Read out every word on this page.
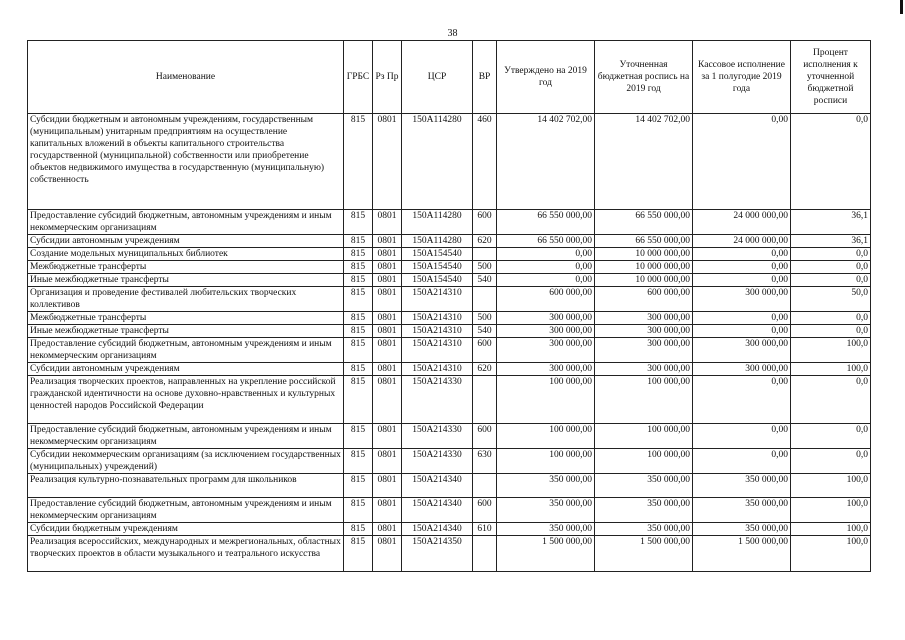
38
Наименование	ГРБС	Рз Пр	ЦСР	ВР	Утверждено на 2019 год	Уточненная бюджетная роспись на 2019 год	Кассовое исполнение за 1 полугодие 2019 года	Процент исполнения к уточненной бюджетной росписи
Субсидии бюджетным и автономным учреждениям, государственным (муниципальным) унитарным предприятиям на осуществление капитальных вложений в объекты капитального строительства государственной (муниципальной) собственности или приобретение объектов недвижимого имущества в государственную (муниципальную) собственность	815	0801	150A114280	460	14 402 702,00	14 402 702,00	0,00	0,0
Предоставление субсидий бюджетным, автономным учреждениям и иным некоммерческим организациям	815	0801	150A114280	600	66 550 000,00	66 550 000,00	24 000 000,00	36,1
Субсидии автономным учреждениям	815	0801	150A114280	620	66 550 000,00	66 550 000,00	24 000 000,00	36,1
Создание модельных муниципальных библиотек	815	0801	150A154540		0,00	10 000 000,00	0,00	0,0
Межбюджетные трансферты	815	0801	150A154540	500	0,00	10 000 000,00	0,00	0,0
Иные межбюджетные трансферты	815	0801	150A154540	540	0,00	10 000 000,00	0,00	0,0
Организация и проведение фестивалей любительских творческих коллективов	815	0801	150A214310		600 000,00	600 000,00	300 000,00	50,0
Межбюджетные трансферты	815	0801	150A214310	500	300 000,00	300 000,00	0,00	0,0
Иные межбюджетные трансферты	815	0801	150A214310	540	300 000,00	300 000,00	0,00	0,0
Предоставление субсидий бюджетным, автономным учреждениям и иным некоммерческим организациям	815	0801	150A214310	600	300 000,00	300 000,00	300 000,00	100,0
Субсидии автономным учреждениям	815	0801	150A214310	620	300 000,00	300 000,00	300 000,00	100,0
Реализация творческих проектов, направленных на укрепление российской гражданской идентичности на основе духовно-нравственных и культурных ценностей народов Российской Федерации	815	0801	150A214330		100 000,00	100 000,00	0,00	0,0
Предоставление субсидий бюджетным, автономным учреждениям и иным некоммерческим организациям	815	0801	150A214330	600	100 000,00	100 000,00	0,00	0,0
Субсидии некоммерческим организациям (за исключением государственных (муниципальных) учреждений)	815	0801	150A214330	630	100 000,00	100 000,00	0,00	0,0
Реализация культурно-познавательных программ для школьников	815	0801	150A214340		350 000,00	350 000,00	350 000,00	100,0
Предоставление субсидий бюджетным, автономным учреждениям и иным некоммерческим организациям	815	0801	150A214340	600	350 000,00	350 000,00	350 000,00	100,0
Субсидии бюджетным учреждениям	815	0801	150A214340	610	350 000,00	350 000,00	350 000,00	100,0
Реализация всероссийских, международных и межрегиональных, областных творческих проектов в области музыкального и театрального искусства	815	0801	150A214350		1 500 000,00	1 500 000,00	1 500 000,00	100,0
